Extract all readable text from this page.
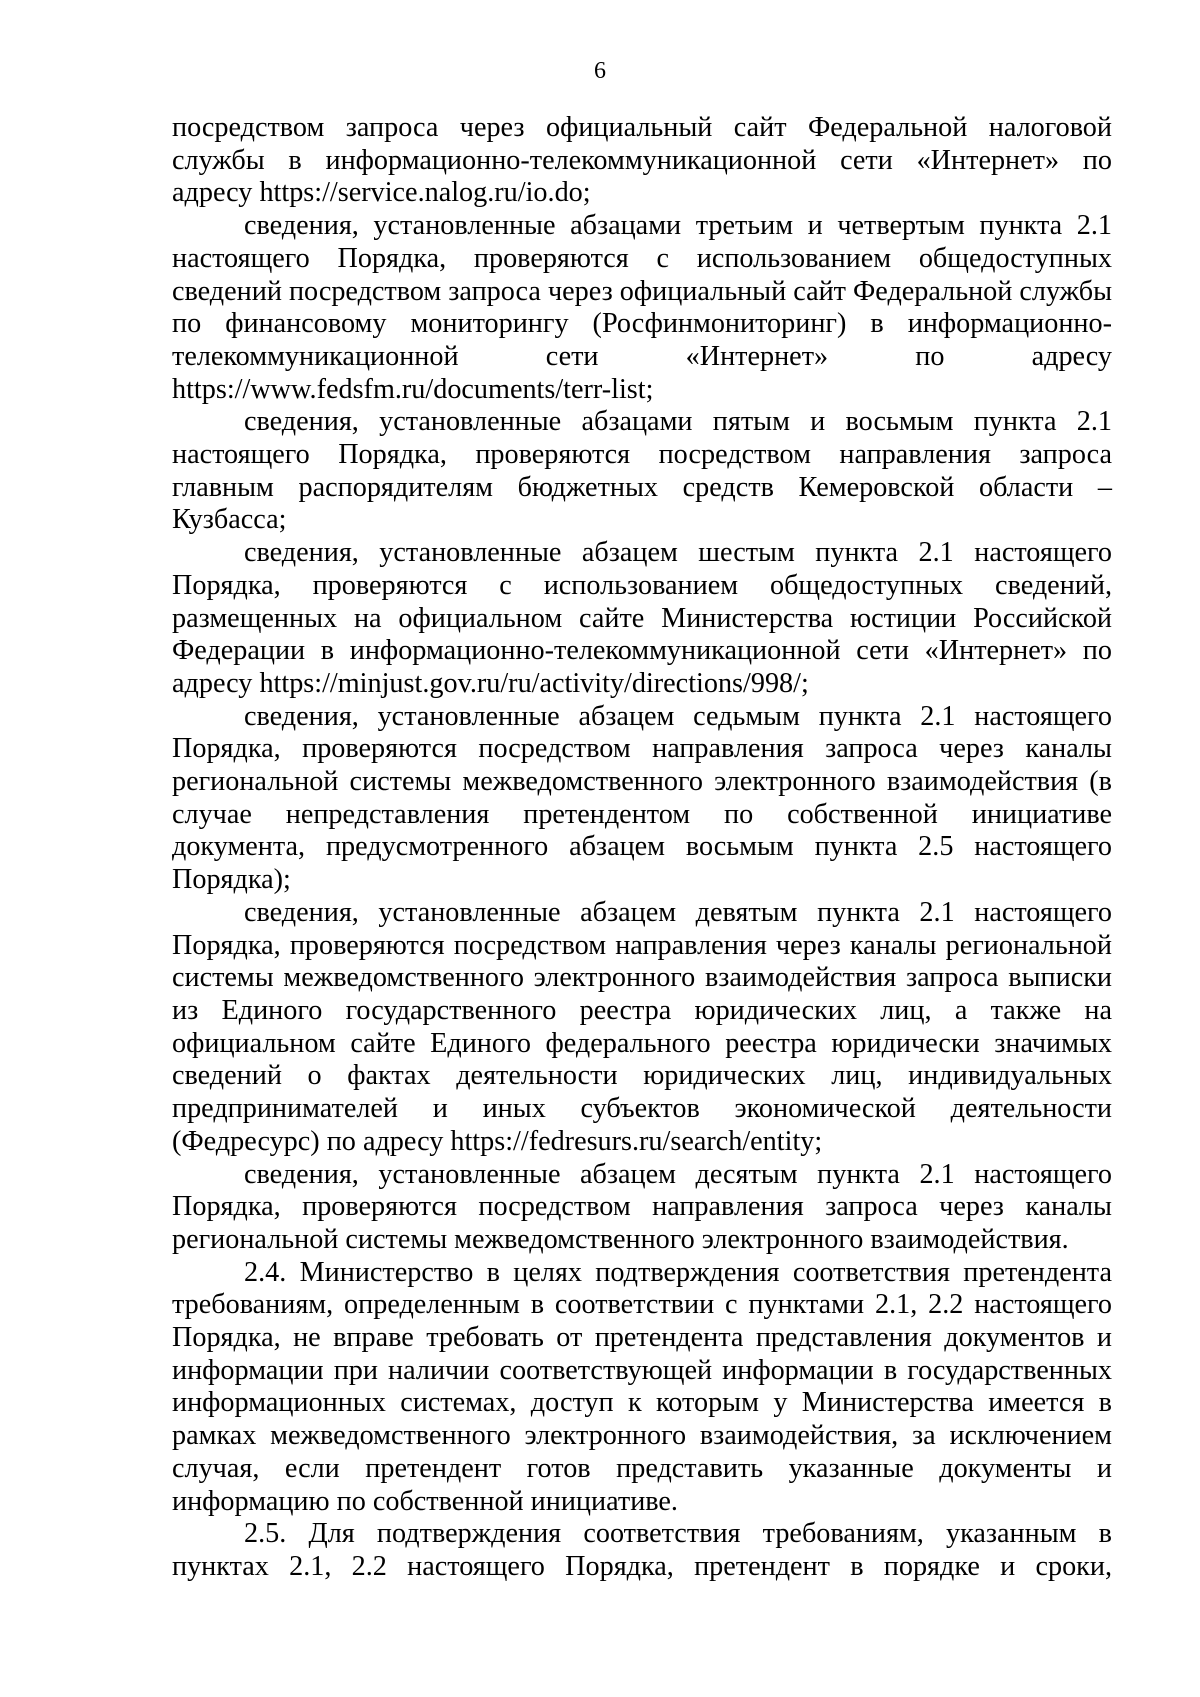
6
посредством запроса через официальный сайт Федеральной налоговой
службы в информационно-телекоммуникационной сети «Интернет» по
адресу https://service.nalog.ru/io.do;
сведения, установленные абзацами третьим и четвертым пункта 2.1
настоящего Порядка, проверяются с использованием общедоступных
сведений посредством запроса через официальный сайт Федеральной службы
по финансовому мониторингу (Росфинмониторинг) в информационно-
телекоммуникационной сети «Интернет» по адресу
https://www.fedsfm.ru/documents/terr-list;
сведения, установленные абзацами пятым и восьмым пункта 2.1
настоящего Порядка, проверяются посредством направления запроса
главным распорядителям бюджетных средств Кемеровской области –
Кузбасса;
сведения, установленные абзацем шестым пункта 2.1 настоящего
Порядка, проверяются с использованием общедоступных сведений,
размещенных на официальном сайте Министерства юстиции Российской
Федерации в информационно-телекоммуникационной сети «Интернет» по
адресу https://minjust.gov.ru/ru/activity/directions/998/;
сведения, установленные абзацем седьмым пункта 2.1 настоящего
Порядка, проверяются посредством направления запроса через каналы
региональной системы межведомственного электронного взаимодействия (в
случае непредставления претендентом по собственной инициативе
документа, предусмотренного абзацем восьмым пункта 2.5 настоящего
Порядка);
сведения, установленные абзацем девятым пункта 2.1 настоящего
Порядка, проверяются посредством направления через каналы региональной
системы межведомственного электронного взаимодействия запроса выписки
из Единого государственного реестра юридических лиц, а также на
официальном сайте Единого федерального реестра юридически значимых
сведений о фактах деятельности юридических лиц, индивидуальных
предпринимателей и иных субъектов экономической деятельности
(Федресурс) по адресу https://fedresurs.ru/search/entity;
сведения, установленные абзацем десятым пункта 2.1 настоящего
Порядка, проверяются посредством направления запроса через каналы
региональной системы межведомственного электронного взаимодействия.
2.4. Министерство в целях подтверждения соответствия претендента
требованиям, определенным в соответствии с пунктами 2.1, 2.2 настоящего
Порядка, не вправе требовать от претендента представления документов и
информации при наличии соответствующей информации в государственных
информационных системах, доступ к которым у Министерства имеется в
рамках межведомственного электронного взаимодействия, за исключением
случая, если претендент готов представить указанные документы и
информацию по собственной инициативе.
2.5. Для подтверждения соответствия требованиям, указанным в
пунктах 2.1, 2.2 настоящего Порядка, претендент в порядке и сроки,
